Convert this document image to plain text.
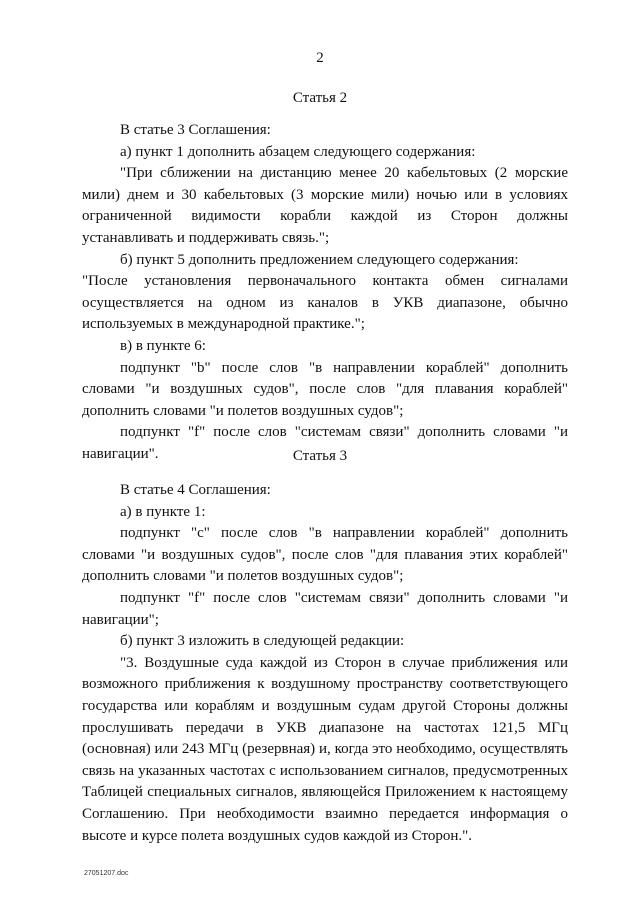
2
Статья 2

В статье 3 Соглашения:

а) пункт 1 дополнить абзацем следующего содержания:

"При сближении на дистанцию менее 20 кабельтовых (2 морские мили) днем и 30 кабельтовых (3 морские мили) ночью или в условиях ограниченной видимости корабли каждой из Сторон должны устанавливать и поддерживать связь.";

б) пункт 5 дополнить предложением следующего содержания:

"После установления первоначального контакта обмен сигналами осуществляется на одном из каналов в УКВ диапазоне, обычно используемых в международной практике.";

в) в пункте 6:

подпункт "b" после слов "в направлении кораблей" дополнить словами "и воздушных судов", после слов "для плавания кораблей" дополнить словами "и полетов воздушных судов";

подпункт "f" после слов "системам связи" дополнить словами "и навигации".	Статья 3

В статье 4 Соглашения:

а) в пункте 1:

подпункт "c" после слов "в направлении кораблей" дополнить словами "и воздушных судов", после слов "для плавания этих кораблей" дополнить словами "и полетов воздушных судов";

подпункт "f" после слов "системам связи" дополнить словами "и навигации";

б) пункт 3 изложить в следующей редакции:

"3. Воздушные суда каждой из Сторон в случае приближения или возможного приближения к воздушному пространству соответствующего государства или кораблям и воздушным судам другой Стороны должны прослушивать передачи в УКВ диапазоне на частотах 121,5 МГц (основная) или 243 МГц (резервная) и, когда это необходимо, осуществлять связь на указанных частотах с использованием сигналов, предусмотренных Таблицей специальных сигналов, являющейся Приложением к настоящему Соглашению. При необходимости взаимно передается информация о высоте и курсе полета воздушных судов каждой из Сторон.".

27051207.doc
